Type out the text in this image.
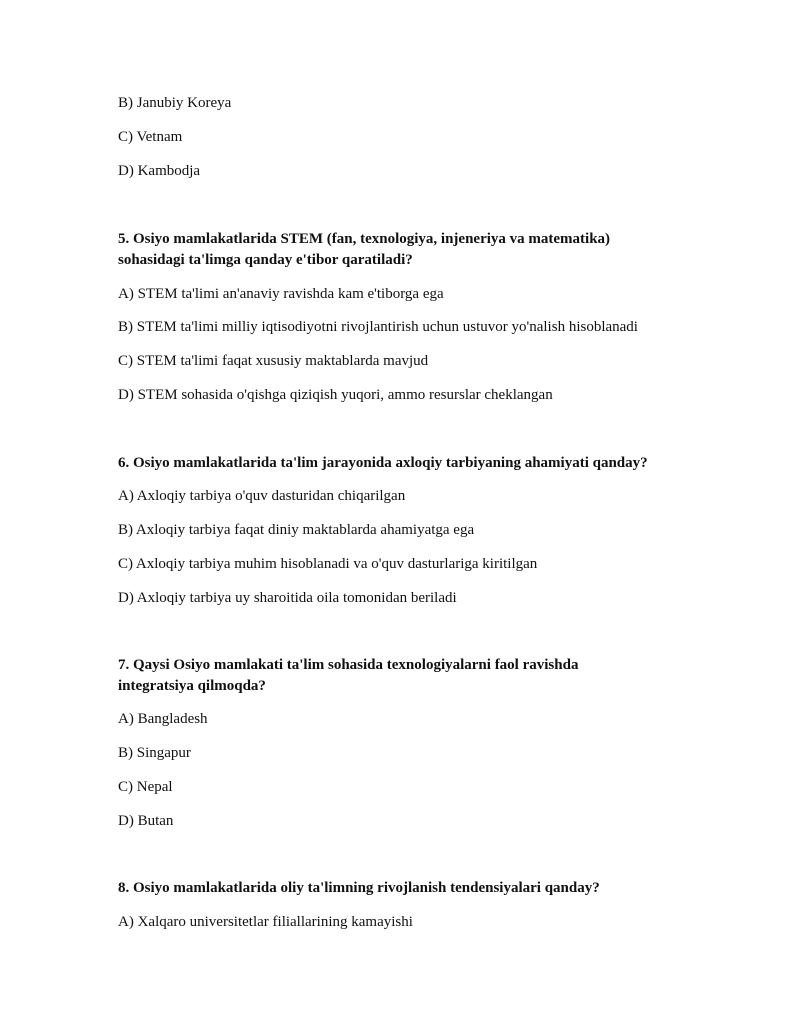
B) Janubiy Koreya
C) Vetnam
D) Kambodja
5. Osiyo mamlakatlarida STEM (fan, texnologiya, injeneriya va matematika)
sohasidagi ta'limga qanday e'tibor qaratiladi?
A) STEM ta'limi an'anaviy ravishda kam e'tiborga ega
B) STEM ta'limi milliy iqtisodiyotni rivojlantirish uchun ustuvor yo'nalish hisoblanadi
C) STEM ta'limi faqat xususiy maktablarda mavjud
D) STEM sohasida o'qishga qiziqish yuqori, ammo resurslar cheklangan
6. Osiyo mamlakatlarida ta'lim jarayonida axloqiy tarbiyaning ahamiyati qanday?
A) Axloqiy tarbiya o'quv dasturidan chiqarilgan
B) Axloqiy tarbiya faqat diniy maktablarda ahamiyatga ega
C) Axloqiy tarbiya muhim hisoblanadi va o'quv dasturlariga kiritilgan
D) Axloqiy tarbiya uy sharoitida oila tomonidan beriladi
7. Qaysi Osiyo mamlakati ta'lim sohasida texnologiyalarni faol ravishda
integratsiya qilmoqda?
A) Bangladesh
B) Singapur
C) Nepal
D) Butan
8. Osiyo mamlakatlarida oliy ta'limning rivojlanish tendensiyalari qanday?
A) Xalqaro universitetlar filiallarining kamayishi
